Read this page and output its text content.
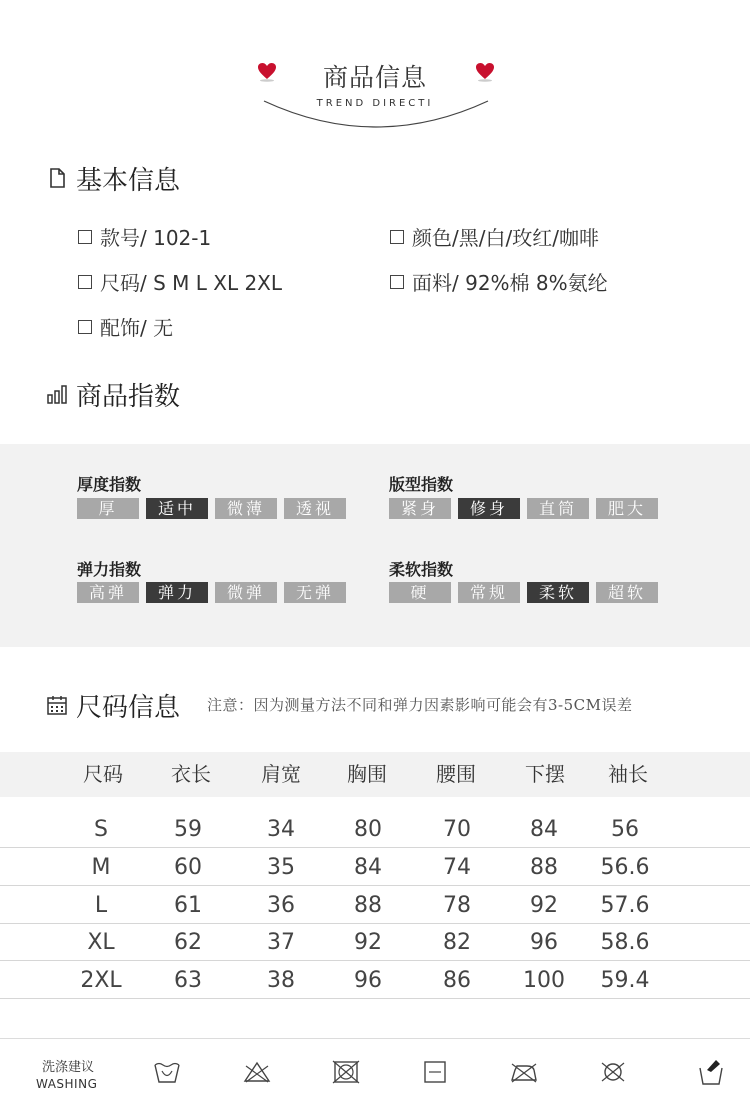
商品信息
TREND DIRECTI
基本信息
款号/ 102-1	颜色/黑/白/玫红/咖啡
尺码/ S M L XL 2XL	面料/ 92%棉 8%氨纶
配饰/ 无
商品指数
厚度指数
厚	适中	微薄	透视
版型指数
紧身	修身	直筒	肥大
弹力指数
高弹	弹力	微弹	无弹
柔软指数
硬	常规	柔软	超软
尺码信息 注意：因为测量方法不同和弹力因素影响可能会有3-5CM误差
尺码	衣长	肩宽	胸围	腰围	下摆	袖长
S	59	34	80	70	84	56
M	60	35	84	74	88	56.6
L	61	36	88	78	92	57.6
XL	62	37	92	82	96	58.6
2XL	63	38	96	86	100	59.4
洗涤建议
WASHING
